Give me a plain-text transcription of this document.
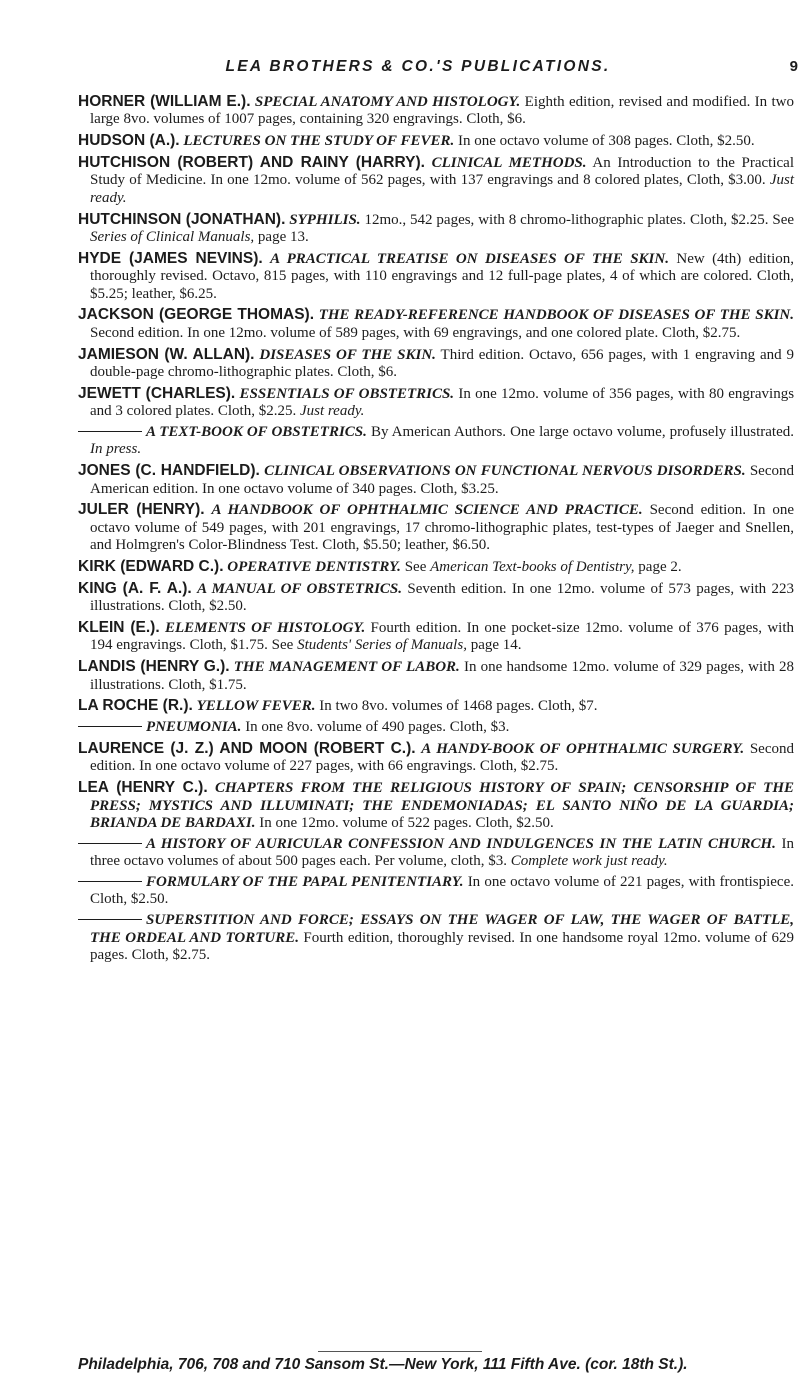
LEA BROTHERS & CO.'S PUBLICATIONS.	9

HORNER (WILLIAM E.). SPECIAL ANATOMY AND HISTOLOGY. Eighth edition, revised and modified. In two large 8vo. volumes of 1007 pages, containing 320 engravings. Cloth, $6.

HUDSON (A.). LECTURES ON THE STUDY OF FEVER. In one octavo volume of 308 pages. Cloth, $2.50.

HUTCHISON (ROBERT) AND RAINY (HARRY). CLINICAL METHODS. An Introduction to the Practical Study of Medicine. In one 12mo. volume of 562 pages, with 137 engravings and 8 colored plates, Cloth, $3.00. Just ready.

HUTCHINSON (JONATHAN). SYPHILIS. 12mo., 542 pages, with 8 chromo-lithographic plates. Cloth, $2.25. See Series of Clinical Manuals, page 13.

HYDE (JAMES NEVINS). A PRACTICAL TREATISE ON DISEASES OF THE SKIN. New (4th) edition, thoroughly revised. Octavo, 815 pages, with 110 engravings and 12 full-page plates, 4 of which are colored. Cloth, $5.25; leather, $6.25.

JACKSON (GEORGE THOMAS). THE READY-REFERENCE HANDBOOK OF DISEASES OF THE SKIN. Second edition. In one 12mo. volume of 589 pages, with 69 engravings, and one colored plate. Cloth, $2.75.

JAMIESON (W. ALLAN). DISEASES OF THE SKIN. Third edition. Octavo, 656 pages, with 1 engraving and 9 double-page chromo-lithographic plates. Cloth, $6.

JEWETT (CHARLES). ESSENTIALS OF OBSTETRICS. In one 12mo. volume of 356 pages, with 80 engravings and 3 colored plates. Cloth, $2.25. Just ready.

A TEXT-BOOK OF OBSTETRICS. By American Authors. One large octavo volume, profusely illustrated. In press.

JONES (C. HANDFIELD). CLINICAL OBSERVATIONS ON FUNCTIONAL NERVOUS DISORDERS. Second American edition. In one octavo volume of 340 pages. Cloth, $3.25.

JULER (HENRY). A HANDBOOK OF OPHTHALMIC SCIENCE AND PRACTICE. Second edition. In one octavo volume of 549 pages, with 201 engravings, 17 chromo-lithographic plates, test-types of Jaeger and Snellen, and Holmgren's Color-Blindness Test. Cloth, $5.50; leather, $6.50.

KIRK (EDWARD C.). OPERATIVE DENTISTRY. See American Text-books of Dentistry, page 2.

KING (A. F. A.). A MANUAL OF OBSTETRICS. Seventh edition. In one 12mo. volume of 573 pages, with 223 illustrations. Cloth, $2.50.

KLEIN (E.). ELEMENTS OF HISTOLOGY. Fourth edition. In one pocket-size 12mo. volume of 376 pages, with 194 engravings. Cloth, $1.75. See Students' Series of Manuals, page 14.

LANDIS (HENRY G.). THE MANAGEMENT OF LABOR. In one handsome 12mo. volume of 329 pages, with 28 illustrations. Cloth, $1.75.

LA ROCHE (R.). YELLOW FEVER. In two 8vo. volumes of 1468 pages. Cloth, $7.

PNEUMONIA. In one 8vo. volume of 490 pages. Cloth, $3.

LAURENCE (J. Z.) AND MOON (ROBERT C.). A HANDY-BOOK OF OPHTHALMIC SURGERY. Second edition. In one octavo volume of 227 pages, with 66 engravings. Cloth, $2.75.

LEA (HENRY C.). CHAPTERS FROM THE RELIGIOUS HISTORY OF SPAIN; CENSORSHIP OF THE PRESS; MYSTICS AND ILLUMINATI; THE ENDEMONIADAS; EL SANTO NIÑO DE LA GUARDIA; BRIANDA DE BARDAXI. In one 12mo. volume of 522 pages. Cloth, $2.50.

A HISTORY OF AURICULAR CONFESSION AND INDULGENCES IN THE LATIN CHURCH. In three octavo volumes of about 500 pages each. Per volume, cloth, $3. Complete work just ready.

FORMULARY OF THE PAPAL PENITENTIARY. In one octavo volume of 221 pages, with frontispiece. Cloth, $2.50.

SUPERSTITION AND FORCE; ESSAYS ON THE WAGER OF LAW, THE WAGER OF BATTLE, THE ORDEAL AND TORTURE. Fourth edition, thoroughly revised. In one handsome royal 12mo. volume of 629 pages. Cloth, $2.75.

Philadelphia, 706, 708 and 710 Sansom St.—New York, 111 Fifth Ave. (cor. 18th St.).
